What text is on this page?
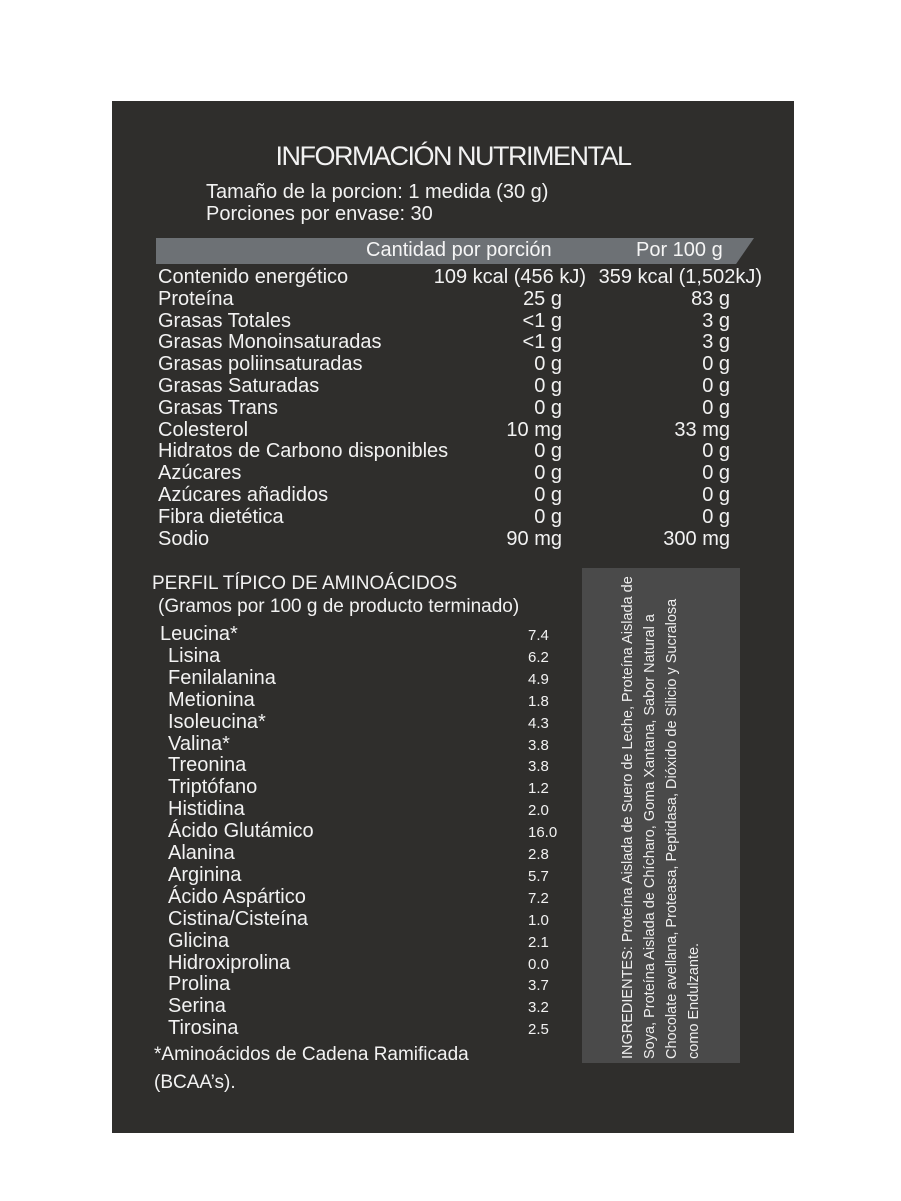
INFORMACIÓN NUTRIMENTAL
Tamaño de la porcion: 1 medida (30 g)
Porciones por envase: 30
Cantidad por porción	Por 100 g
Contenido energético	109 kcal (456 kJ) 359 kcal (1,502kJ)
Proteína	25 g	83 g
Grasas Totales	<1 g	3 g
Grasas Monoinsaturadas	<1 g	3 g
Grasas poliinsaturadas	0 g	0 g
Grasas Saturadas	0 g	0 g
Grasas Trans	0 g	0 g
Colesterol	10 mg	33 mg
Hidratos de Carbono disponibles	0 g	0 g
Azúcares	0 g	0 g
Azúcares añadidos	0 g	0 g
Fibra dietética	0 g	0 g
Sodio	90 mg	300 mg
PERFIL TÍPICO DE AMINOÁCIDOS
(Gramos por 100 g de producto terminado)
Leucina*	7.4
Lisina	6.2
Fenilalanina	4.9
Metionina	1.8
Isoleucina*	4.3
Valina*	3.8
Treonina	3.8
Triptófano	1.2
Histidina	2.0
Ácido Glutámico	16.0
Alanina	2.8
Arginina	5.7
Ácido Aspártico	7.2
Cistina/Cisteína	1.0
Glicina	2.1
Hidroxiprolina	0.0
Prolina	3.7
Serina	3.2
Tirosina	2.5
*Aminoácidos de Cadena Ramificada
(BCAA’s).
INGREDIENTES: Proteína Aislada de Suero de Leche, Proteína Aislada de Soya, Proteína Aislada de Chícharo, Goma Xantana, Sabor Natural a Chocolate avellana, Proteasa, Peptidasa, Dióxido de Silicio y Sucralosa como Endulzante.
